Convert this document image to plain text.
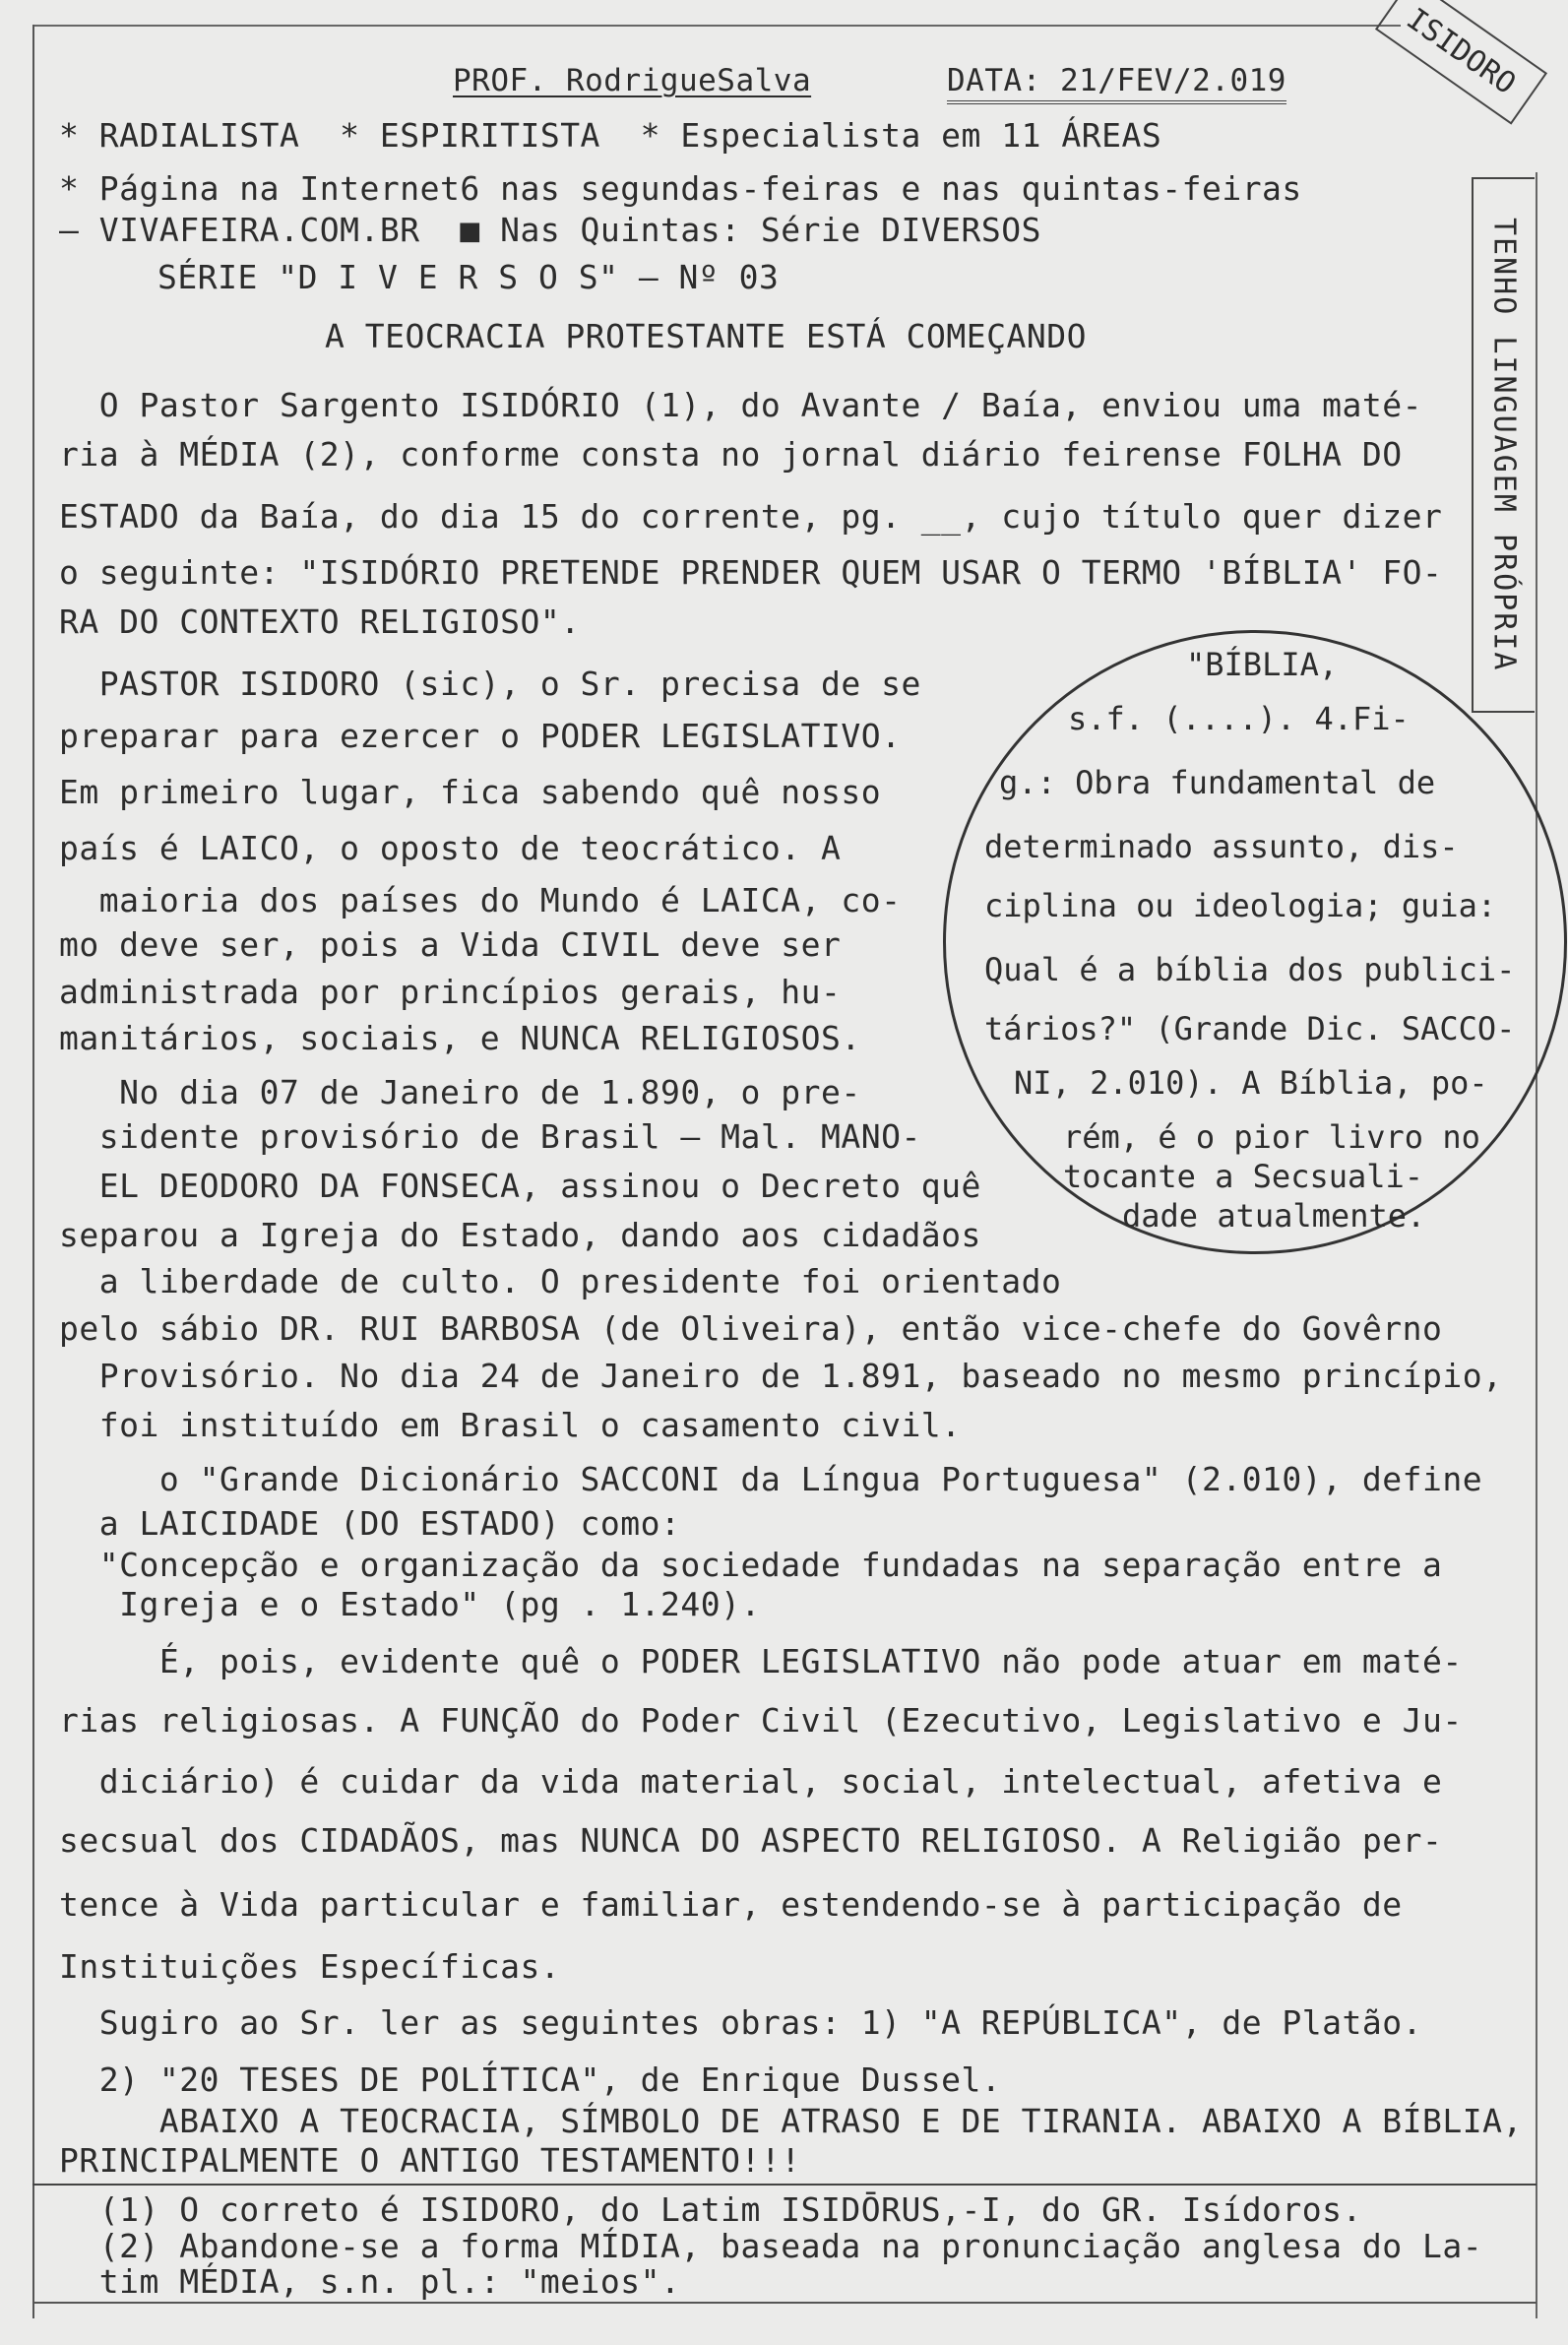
ISIDORO
TENHO LINGUAGEM PRÓPRIA
PROF. RodrigueSalva	DATA: 21/FEV/2.019
* RADIALISTA  * ESPIRITISTA  * Especialista em 11 ÁREAS
* Página na Internet6 nas segundas-feiras e nas quintas-feiras
— VIVAFEIRA.COM.BR  ■ Nas Quintas: Série DIVERSOS
SÉRIE "D I V E R S O S" — Nº 03
A TEOCRACIA PROTESTANTE ESTÁ COMEÇANDO
"BÍBLIA,
s.f. (....). 4.Fi-
g.: Obra fundamental de
determinado assunto, dis-
ciplina ou ideologia; guia:
Qual é a bíblia dos publici-
tários?" (Grande Dic. SACCO-
NI, 2.010). A Bíblia, po-
rém, é o pior livro no
tocante a Secsuali-
dade atualmente.
O Pastor Sargento ISIDÓRIO (1), do Avante / Baía, enviou uma maté-
ria à MÉDIA (2), conforme consta no jornal diário feirense FOLHA DO
ESTADO da Baía, do dia 15 do corrente, pg. __, cujo título quer dizer
o seguinte: "ISIDÓRIO PRETENDE PRENDER QUEM USAR O TERMO 'BÍBLIA' FO-
RA DO CONTEXTO RELIGIOSO".
PASTOR ISIDORO (sic), o Sr. precisa de se
preparar para ezercer o PODER LEGISLATIVO.
Em primeiro lugar, fica sabendo quê nosso
país é LAICO, o oposto de teocrático. A
maioria dos países do Mundo é LAICA, co-
mo deve ser, pois a Vida CIVIL deve ser
administrada por princípios gerais, hu-
manitários, sociais, e NUNCA RELIGIOSOS.
No dia 07 de Janeiro de 1.890, o pre-
sidente provisório de Brasil — Mal. MANO-
EL DEODORO DA FONSECA, assinou o Decreto quê
separou a Igreja do Estado, dando aos cidadãos
a liberdade de culto. O presidente foi orientado
pelo sábio DR. RUI BARBOSA (de Oliveira), então vice-chefe do Govêrno
Provisório. No dia 24 de Janeiro de 1.891, baseado no mesmo princípio,
foi instituído em Brasil o casamento civil.
o "Grande Dicionário SACCONI da Língua Portuguesa" (2.010), define
a LAICIDADE (DO ESTADO) como:
"Concepção e organização da sociedade fundadas na separação entre a
Igreja e o Estado" (pg . 1.240).
É, pois, evidente quê o PODER LEGISLATIVO não pode atuar em maté-
rias religiosas. A FUNÇÃO do Poder Civil (Ezecutivo, Legislativo e Ju-
diciário) é cuidar da vida material, social, intelectual, afetiva e
secsual dos CIDADÃOS, mas NUNCA DO ASPECTO RELIGIOSO. A Religião per-
tence à Vida particular e familiar, estendendo-se à participação de
Instituições Específicas.
Sugiro ao Sr. ler as seguintes obras: 1) "A REPÚBLICA", de Platão.
2) "20 TESES DE POLÍTICA", de Enrique Dussel.
ABAIXO A TEOCRACIA, SÍMBOLO DE ATRASO E DE TIRANIA. ABAIXO A BÍBLIA,
PRINCIPALMENTE O ANTIGO TESTAMENTO!!!
(1) O correto é ISIDORO, do Latim ISIDŌRUS,-I, do GR. Isídoros.
(2) Abandone-se a forma MÍDIA, baseada na pronunciação anglesa do La-
tim MÉDIA, s.n. pl.: "meios".
